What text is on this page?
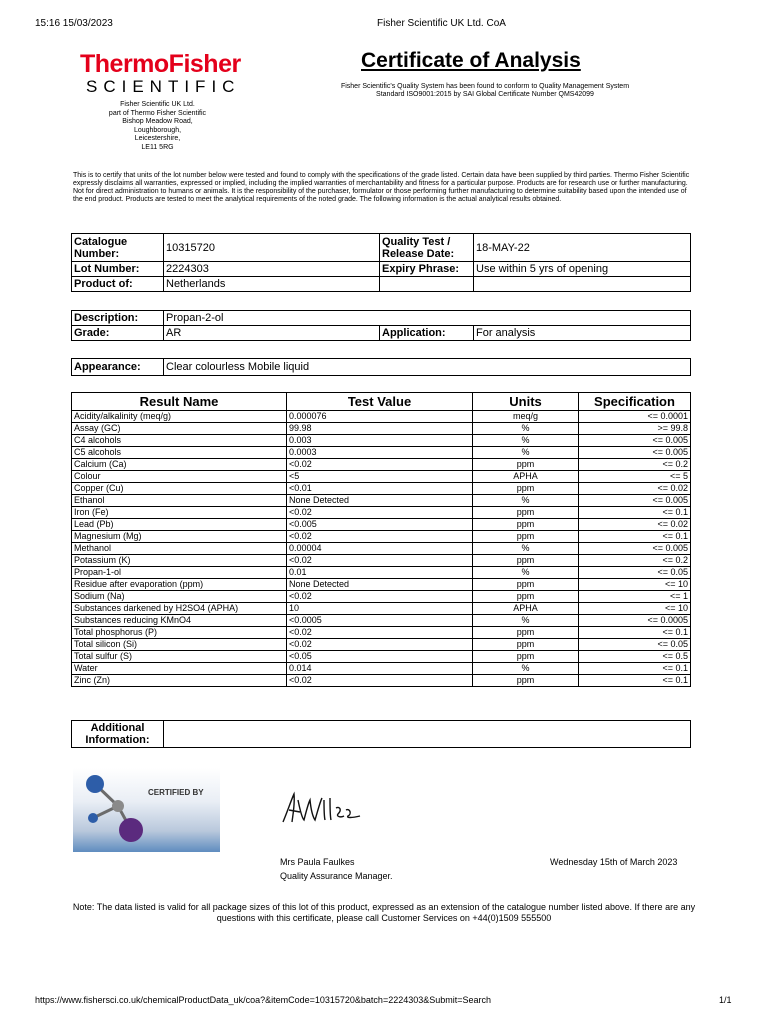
15:16 15/03/2023	Fisher Scientific UK Ltd. CoA
ThermoFisher
SCIENTIFIC
Fisher Scientific UK Ltd.
part of Thermo Fisher Scientific
Bishop Meadow Road,
Loughborough,
Leicestershire,
LE11 5RG
Certificate of Analysis
Fisher Scientific's Quality System has been found to conform to Quality Management System Standard ISO9001:2015 by SAI Global Certificate Number QMS42099
This is to certify that units of the lot number below were tested and found to comply with the specifications of the grade listed. Certain data have been supplied by third parties. Thermo Fisher Scientific expressly disclaims all warranties, expressed or implied, including the implied warranties of merchantability and fitness for a particular purpose. Products are for research use or further manufacturing. Not for direct administration to humans or animals. It is the responsibility of the purchaser, formulator or those performing further manufacturing to determine suitability based upon the intended use of the end product. Products are tested to meet the analytical requirements of the noted grade. The following information is the actual analytical results obtained.
Catalogue Number:	10315720	Quality Test / Release Date:	18-MAY-22
Lot Number:	2224303	Expiry Phrase:	Use within 5 yrs of opening
Product of:	Netherlands		
Description:	Propan-2-ol		
Grade:	AR	Application:	For analysis
Appearance:	Clear colourless Mobile liquid
Result Name	Test Value	Units	Specification
Acidity/alkalinity (meq/g)	0.000076	meq/g	<= 0.0001
Assay (GC)	99.98	%	>= 99.8
C4 alcohols	0.003	%	<= 0.005
C5 alcohols	0.0003	%	<= 0.005
Calcium (Ca)	<0.02	ppm	<= 0.2
Colour	<5	APHA	<= 5
Copper (Cu)	<0.01	ppm	<= 0.02
Ethanol	None Detected	%	<= 0.005
Iron (Fe)	<0.02	ppm	<= 0.1
Lead (Pb)	<0.005	ppm	<= 0.02
Magnesium (Mg)	<0.02	ppm	<= 0.1
Methanol	0.00004	%	<= 0.005
Potassium (K)	<0.02	ppm	<= 0.2
Propan-1-ol	0.01	%	<= 0.05
Residue after evaporation (ppm)	None Detected	ppm	<= 10
Sodium (Na)	<0.02	ppm	<= 1
Substances darkened by H2SO4 (APHA)	10	APHA	<= 10
Substances reducing KMnO4	<0.0005	%	<= 0.0005
Total phosphorus (P)	<0.02	ppm	<= 0.1
Total silicon (Si)	<0.02	ppm	<= 0.05
Total sulfur (S)	<0.05	ppm	<= 0.5
Water	0.014	%	<= 0.1
Zinc (Zn)	<0.02	ppm	<= 0.1
Additional Information:	
CERTIFIED BY
Mrs Paula Faulkes
Quality Assurance Manager.
Wednesday 15th of March 2023
Note: The data listed is valid for all package sizes of this lot of this product, expressed as an extension of the catalogue number listed above. If there are any questions with this certificate, please call Customer Services on +44(0)1509 555500
https://www.fishersci.co.uk/chemicalProductData_uk/coa?&itemCode=10315720&batch=2224303&Submit=Search	1/1
